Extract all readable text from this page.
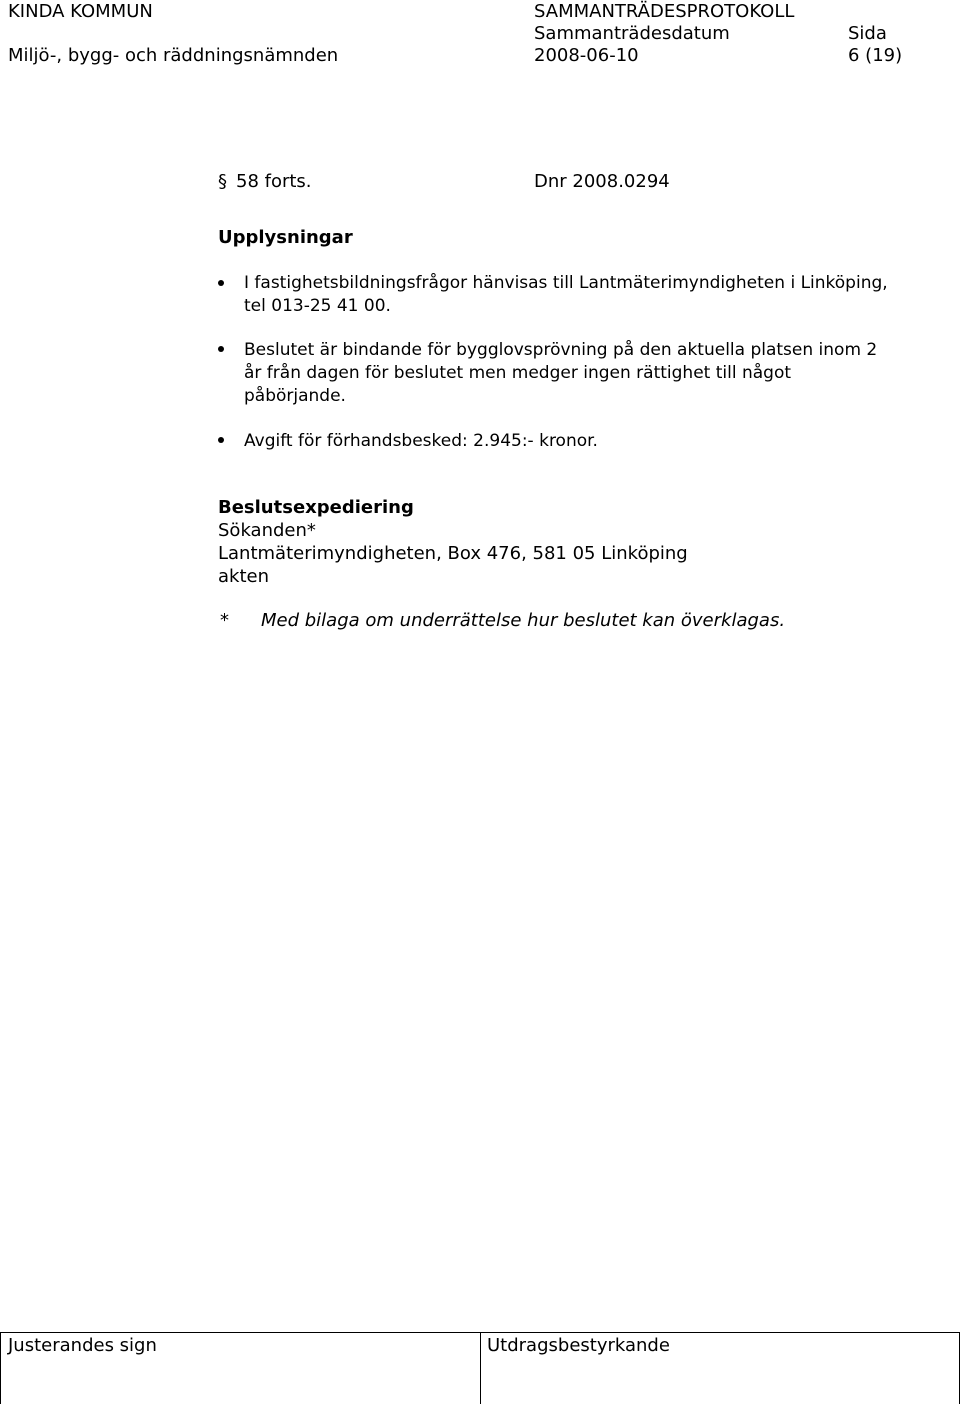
KINDA KOMMUN
Miljö-, bygg- och räddningsnämnden
SAMMANTRÄDESPROTOKOLL
Sammanträdesdatum
2008-06-10
Sida
6 (19)
§ 58 forts.	Dnr 2008.0294
Upplysningar
I fastighetsbildningsfrågor hänvisas till Lantmäterimyndigheten i Linköping,
tel 013-25 41 00.
Beslutet är bindande för bygglovsprövning på den aktuella platsen inom 2
år från dagen för beslutet men medger ingen rättighet till något
påbörjande.
Avgift för förhandsbesked: 2.945:- kronor.
Beslutsexpediering
Sökanden*
Lantmäterimyndigheten, Box 476, 581 05 Linköping
akten
* Med bilaga om underrättelse hur beslutet kan överklagas.
Justerandes sign	Utdragsbestyrkande
